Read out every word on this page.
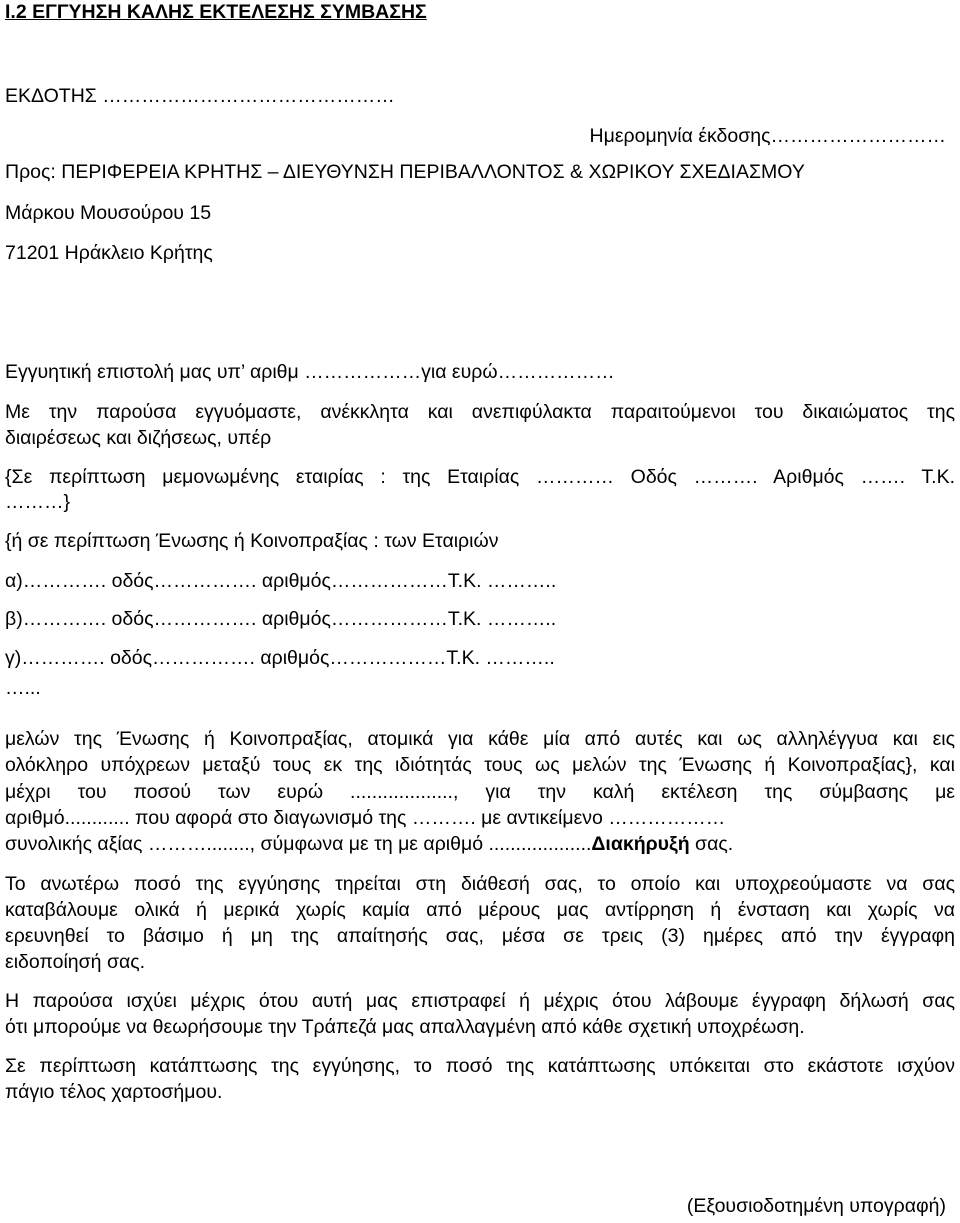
I.2 ΕΓΓΥΗΣΗ ΚΑΛΗΣ ΕΚΤΕΛΕΣΗΣ ΣΥΜΒΑΣΗΣ
ΕΚΔΟΤΗΣ ………………………………………
Ημερομηνία έκδοσης………………………
Προς: ΠΕΡΙΦΕΡΕΙΑ ΚΡΗΤΗΣ – ΔΙΕΥΘΥΝΣΗ ΠΕΡΙΒΑΛΛΟΝΤΟΣ & ΧΩΡΙΚΟΥ ΣΧΕΔΙΑΣΜΟΥ
Μάρκου Μουσούρου 15
71201 Ηράκλειο Κρήτης
Εγγυητική επιστολή μας υπ’ αριθμ ………………για ευρώ………………
Με την παρούσα εγγυόμαστε, ανέκκλητα και ανεπιφύλακτα παραιτούμενοι του δικαιώματος της
διαιρέσεως και διζήσεως, υπέρ
{Σε περίπτωση μεμονωμένης εταιρίας : της Εταιρίας ………… Οδός ………. Αριθμός ……. Τ.Κ.
………}
{ή σε περίπτωση Ένωσης ή Κοινοπραξίας : των Εταιριών
α)…………. οδός……………. αριθμός………………Τ.Κ. ………..
β)…………. οδός……………. αριθμός………………Τ.Κ. ………..
γ)…………. οδός……………. αριθμός………………Τ.Κ. ………..
…...
μελών της Ένωσης ή Κοινοπραξίας, ατομικά για κάθε μία από αυτές και ως αλληλέγγυα και εις
ολόκληρο υπόχρεων μεταξύ τους εκ της ιδιότητάς τους ως μελών της Ένωσης ή Κοινοπραξίας}, και
μέχρι του ποσού των ευρώ ..................., για την καλή εκτέλεση της σύμβασης με
αριθμό............ που αφορά στο διαγωνισμό της ………. με αντικείμενο ………………
συνολικής αξίας ………........, σύμφωνα με τη με αριθμό ...................Διακήρυξή σας.
Το ανωτέρω ποσό της εγγύησης τηρείται στη διάθεσή σας, το οποίο και υποχρεούμαστε να σας
καταβάλουμε ολικά ή μερικά χωρίς καμία από μέρους μας αντίρρηση ή ένσταση και χωρίς να
ερευνηθεί το βάσιμο ή μη της απαίτησής σας, μέσα σε τρεις (3) ημέρες από την έγγραφη
ειδοποίησή σας.
Η παρούσα ισχύει μέχρις ότου αυτή μας επιστραφεί ή μέχρις ότου λάβουμε έγγραφη δήλωσή σας
ότι μπορούμε να θεωρήσουμε την Τράπεζά μας απαλλαγμένη από κάθε σχετική υποχρέωση.
Σε περίπτωση κατάπτωσης της εγγύησης, το ποσό της κατάπτωσης υπόκειται στο εκάστοτε ισχύον
πάγιο τέλος χαρτοσήμου.
(Εξουσιοδοτημένη υπογραφή)
